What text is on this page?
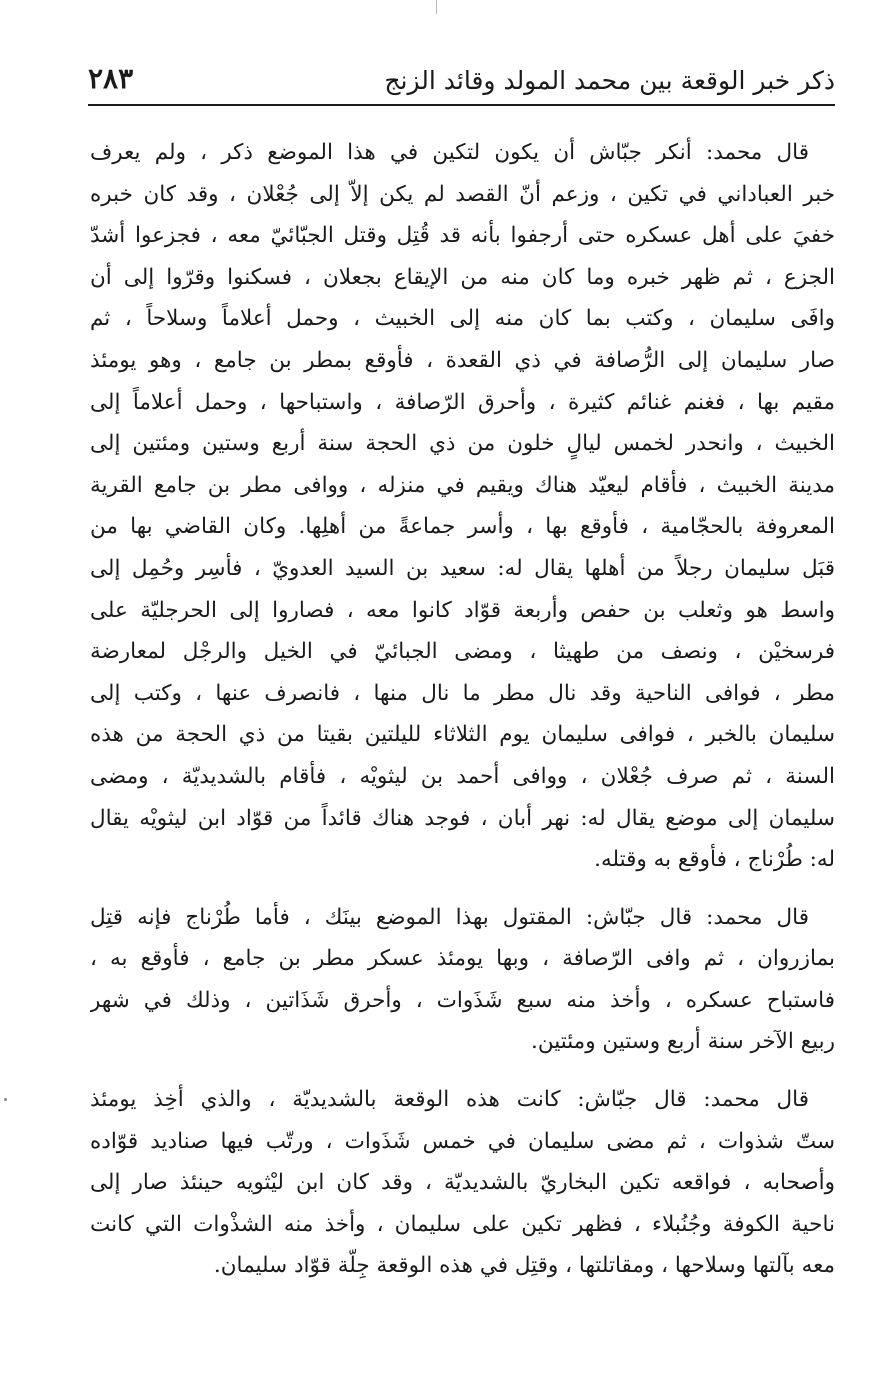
ذكر خبر الوقعة بين محمد المولد وقائد الزنج
٢٨٣
قال محمد: أنكر جبّاش أن يكون لتكين في هذا الموضع ذكر ، ولم يعرف
خبر العباداني في تكين ، وزعم أنّ القصد لم يكن إلاّ إلى جُعْلان ، وقد كان خبره
خفيَ على أهل عسكره حتى أرجفوا بأنه قد قُتِل وقتل الجبّائيّ معه ، فجزعوا أشدّ
الجزع ، ثم ظهر خبره وما كان منه من الإيقاع بجعلان ، فسكنوا وقرّوا إلى أن
وافَى سليمان ، وكتب بما كان منه إلى الخبيث ، وحمل أعلاماً وسلاحاً ، ثم
صار سليمان إلى الرُّصافة في ذي القعدة ، فأوقع بمطر بن جامع ، وهو يومئذ
مقيم بها ، فغنم غنائم كثيرة ، وأحرق الرّصافة ، واستباحها ، وحمل أعلاماً إلى
الخبيث ، وانحدر لخمس ليالٍ خلون من ذي الحجة سنة أربع وستين ومئتين إلى
مدينة الخبيث ، فأقام ليعيّد هناك ويقيم في منزله ، ووافى مطر بن جامع القرية
المعروفة بالحجّامية ، فأوقع بها ، وأسر جماعةً من أهلِها. وكان القاضي بها من
قبَل سليمان رجلاً من أهلها يقال له: سعيد بن السيد العدويّ ، فأسِر وحُمِل إلى
واسط هو وثعلب بن حفص وأربعة قوّاد كانوا معه ، فصاروا إلى الحرجليّة على
فرسخيْن ، ونصف من طهيثا ، ومضى الجبائيّ في الخيل والرجْل لمعارضة
مطر ، فوافى الناحية وقد نال مطر ما نال منها ، فانصرف عنها ، وكتب إلى
سليمان بالخبر ، فوافى سليمان يوم الثلاثاء لليلتين بقيتا من ذي الحجة من هذه
السنة ، ثم صرف جُعْلان ، ووافى أحمد بن ليثويْه ، فأقام بالشديديّة ، ومضى
سليمان إلى موضع يقال له: نهر أبان ، فوجد هناك قائداً من قوّاد ابن ليثويْه يقال
له: طُرْناج ، فأوقع به وقتله.
قال محمد: قال جبّاش: المقتول بهذا الموضع بينَك ، فأما طُرْناج فإنه قتِل
بمازروان ، ثم وافى الرّصافة ، وبها يومئذ عسكر مطر بن جامع ، فأوقع به ،
فاستباح عسكره ، وأخذ منه سبع شَذَوات ، وأحرق شَذَاتين ، وذلك في شهر
ربيع الآخر سنة أربع وستين ومئتين.
قال محمد: قال جبّاش: كانت هذه الوقعة بالشديديّة ، والذي أخِذ يومئذ
ستّ شذوات ، ثم مضى سليمان في خمس شَذَوات ، ورتّب فيها صناديد قوّاده
وأصحابه ، فواقعه تكين البخاريّ بالشديديّة ، وقد كان ابن ليْثويه حينئذ صار إلى
ناحية الكوفة وجُنُبلاء ، فظهر تكين على سليمان ، وأخذ منه الشذْوات التي كانت
معه بآلتها وسلاحها ، ومقاتلتها ، وقتِل في هذه الوقعة جِلّة قوّاد سليمان.
